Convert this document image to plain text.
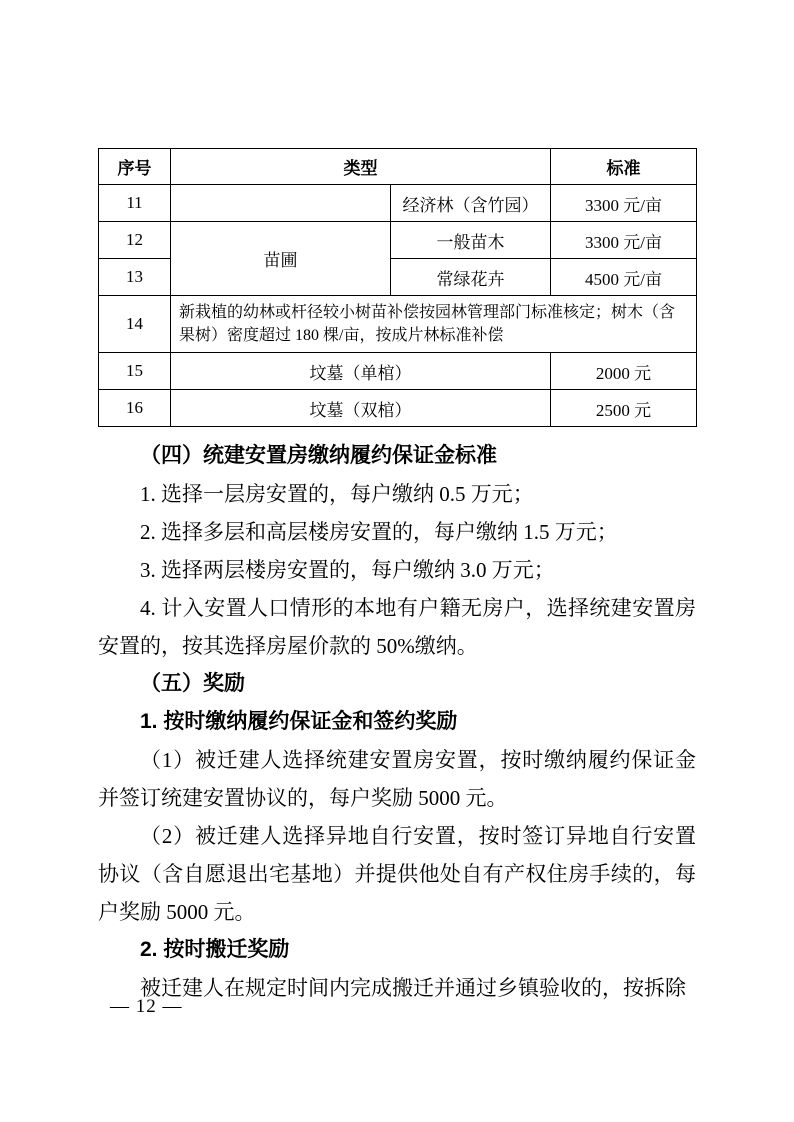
序号	类型		标准
11		经济林（含竹园）	3300 元/亩
12	苗圃	一般苗木	3300 元/亩
13		常绿花卉	4500 元/亩
14	新栽植的幼林或杆径较小树苗补偿按园林管理部门标准核定；树木（含果树）密度超过 180 棵/亩，按成片林标准补偿		
15	坟墓（单棺）		2000 元
16	坟墓（双棺）		2500 元

（四）统建安置房缴纳履约保证金标准

1. 选择一层房安置的，每户缴纳 0.5 万元；

2. 选择多层和高层楼房安置的，每户缴纳 1.5 万元；

3. 选择两层楼房安置的，每户缴纳 3.0 万元；

4. 计入安置人口情形的本地有户籍无房户，选择统建安置房安置的，按其选择房屋价款的 50%缴纳。

（五）奖励

1. 按时缴纳履约保证金和签约奖励

（1）被迁建人选择统建安置房安置，按时缴纳履约保证金并签订统建安置协议的，每户奖励 5000 元。

（2）被迁建人选择异地自行安置，按时签订异地自行安置协议（含自愿退出宅基地）并提供他处自有产权住房手续的，每户奖励 5000 元。

2. 按时搬迁奖励

被迁建人在规定时间内完成搬迁并通过乡镇验收的，按拆除

— 12 —
